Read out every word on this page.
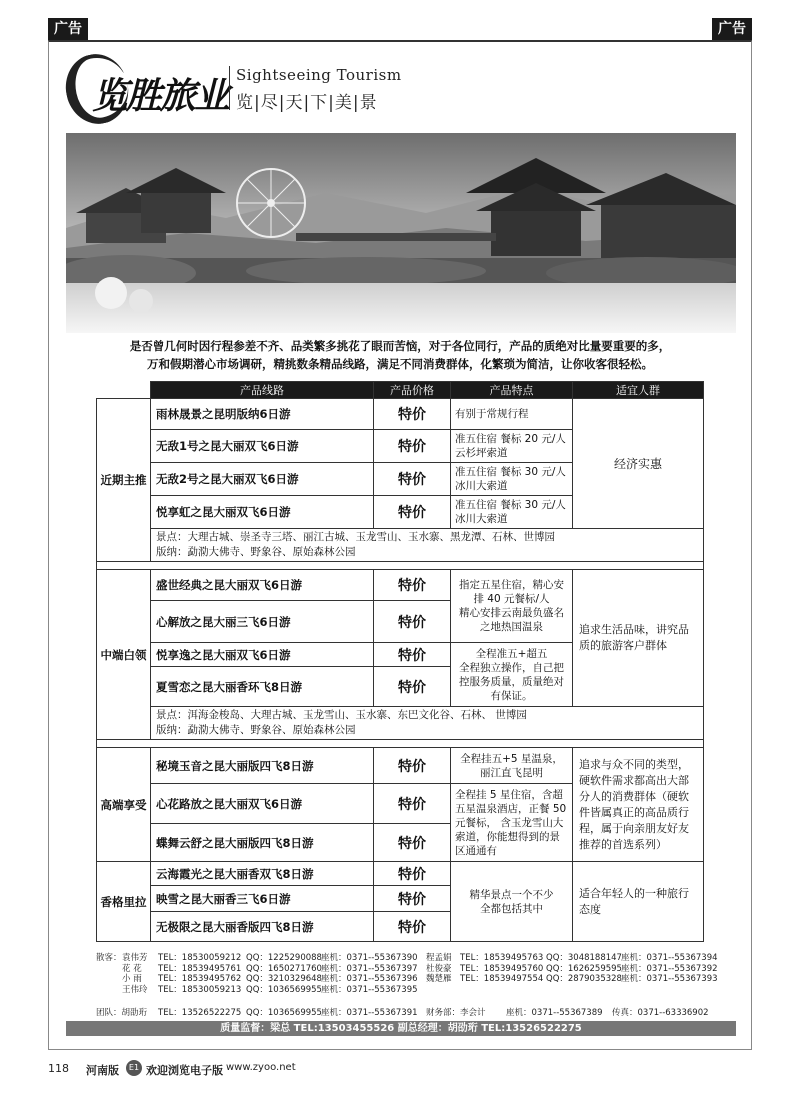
广告	广告
览胜旅业 Sightseeing Tourism
览|尽|天|下|美|景
是否曾几何时因行程参差不齐、品类繁多挑花了眼而苦恼，对于各位同行，产品的质绝对比量要重要的多，
万和假期潜心市场调研，精挑数条精品线路，满足不同消费群体，化繁琐为简洁，让你收客很轻松。
	产品线路	产品价格	产品特点	适宜人群
近期主推	雨林晟景之昆明版纳6日游	特价	有别于常规行程	经济实惠
	无敌1号之昆大丽双飞6日游	特价	准五住宿 餐标 20 元/人
云杉坪索道	
	无敌2号之昆大丽双飞6日游	特价	准五住宿 餐标 30 元/人
冰川大索道	
	悦享虹之昆大丽双飞6日游	特价	准五住宿 餐标 30 元/人
冰川大索道	

	景点：大理古城、崇圣寺三塔、丽江古城、玉龙雪山、玉水寨、黑龙潭、石林、世博园
版纳：勐泐大佛寺、野象谷、原始森林公园			

中端白领	盛世经典之昆大丽双飞6日游	特价	指定五星住宿，精心安排 40 元餐标/人
精心安排云南最负盛名之地热国温泉	追求生活品味，讲究品质的旅游客户群体
	心解放之昆大丽三飞6日游	特价		
	悦享逸之昆大丽双飞6日游	特价	全程准五+超五
全程独立操作，自己把控服务质量，质量绝对有保证。	
	夏雪恋之昆大丽香环飞8日游	特价		

	景点：洱海金梭岛、大理古城、玉龙雪山、玉水寨、东巴文化谷、石林、 世博园
版纳：勐泐大佛寺、野象谷、原始森林公园			

高端享受	秘境玉音之昆大丽版四飞8日游	特价	全程挂五+5 星温泉，丽江直飞昆明	追求与众不同的类型，硬软件需求都高出大部分人的消费群体（硬软件皆属真正的高品质行程，属于向亲朋友好友推荐的首选系列）
	心花路放之昆大丽双飞6日游	特价	全程挂 5 星住宿，含超五星温泉酒店，正餐 50 元餐标， 含玉龙雪山大索道，你能想得到的景区通通有	
	蝶舞云舒之昆大丽版四飞8日游	特价		
香格里拉	云海霞光之昆大丽香双飞8日游	特价	精华景点一个不少
全都包括其中	适合年轻人的一种旅行态度
	映雪之昆大丽香三飞6日游	特价		
	无极限之昆大丽香版四飞8日游	特价		
散客： 袁伟芳 TEL：18530059212 QQ：1225290088 座机：0371--55367390 程孟娟 TEL：18539495763 QQ：3048188147 座机：0371--55367394
花 花 TEL：18539495761 QQ：1650271760 座机：0371--55367397 杜俊豪 TEL：18539495760 QQ：1626259595 座机：0371--55367392
小 雨 TEL：18539495762 QQ：3210329648 座机：0371--55367396 魏楚雁 TEL：18539497554 QQ：2879035328 座机：0371--55367393
王伟玲 TEL：18530059213 QQ：1036569955 座机：0371--55367395
团队：胡劭珩 TEL：13526522275 QQ：1036569955 座机：0371--55367391 财务部：李会计 座机：0371--55367389 传真：0371--63336902
质量监督：梁总 TEL:13503455526 副总经理：胡劭珩 TEL:13526522275
118 河南版	E1 欢迎浏览电子版 www.zyoo.net
